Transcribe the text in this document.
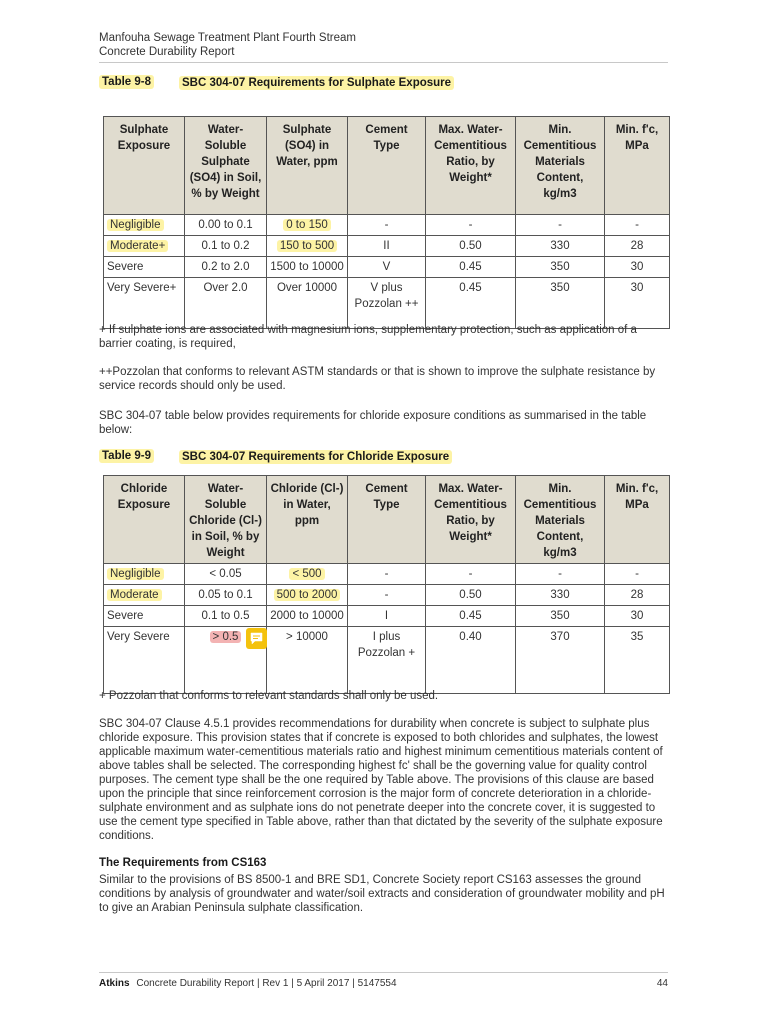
Manfouha Sewage Treatment Plant Fourth Stream
Concrete Durability Report
Table 9-8	SBC 304-07 Requirements for Sulphate Exposure
Sulphate Exposure	Water-Soluble Sulphate (SO4) in Soil, % by Weight	Sulphate (SO4) in Water, ppm	Cement Type	Max. Water-Cementitious Ratio, by Weight*	Min. Cementitious Materials Content, kg/m3	Min. f'c, MPa
Negligible	0.00 to 0.1	0 to 150	-	-	-	-
Moderate+	0.1 to 0.2	150 to 500	II	0.50	330	28
Severe	0.2 to 2.0	1500 to 10000	V	0.45	350	30
Very Severe+	Over 2.0	Over 10000	V plus Pozzolan ++	0.45	350	30
+ If sulphate ions are associated with magnesium ions, supplementary protection, such as application of a barrier coating, is required,
++Pozzolan that conforms to relevant ASTM standards or that is shown to improve the sulphate resistance by service records should only be used.
SBC 304-07 table below provides requirements for chloride exposure conditions as summarised in the table below:
Table 9-9	SBC 304-07 Requirements for Chloride Exposure
Chloride Exposure	Water-Soluble Chloride (Cl-) in Soil, % by Weight	Chloride (Cl-) in Water, ppm	Cement Type	Max. Water-Cementitious Ratio, by Weight*	Min. Cementitious Materials Content, kg/m3	Min. f'c, MPa
Negligible	< 0.05	< 500	-	-	-	-
Moderate	0.05 to 0.1	500 to 2000	-	0.50	330	28
Severe	0.1 to 0.5	2000 to 10000	I	0.45	350	30
Very Severe	> 0.5	> 10000	I plus Pozzolan +	0.40	370	35
+ Pozzolan that conforms to relevant standards shall only be used.
SBC 304-07 Clause 4.5.1 provides recommendations for durability when concrete is subject to sulphate plus chloride exposure. This provision states that if concrete is exposed to both chlorides and sulphates, the lowest applicable maximum water-cementitious materials ratio and highest minimum cementitious materials content of above tables shall be selected. The corresponding highest fc' shall be the governing value for quality control purposes. The cement type shall be the one required by Table above. The provisions of this clause are based upon the principle that since reinforcement corrosion is the major form of concrete deterioration in a chloride-sulphate environment and as sulphate ions do not penetrate deeper into the concrete cover, it is suggested to use the cement type specified in Table above, rather than that dictated by the severity of the sulphate exposure conditions.
The Requirements from CS163
Similar to the provisions of BS 8500-1 and BRE SD1, Concrete Society report CS163 assesses the ground conditions by analysis of groundwater and water/soil extracts and consideration of groundwater mobility and pH to give an Arabian Peninsula sulphate classification.
Atkins Concrete Durability Report | Rev 1 | 5 April 2017 | 5147554	44
